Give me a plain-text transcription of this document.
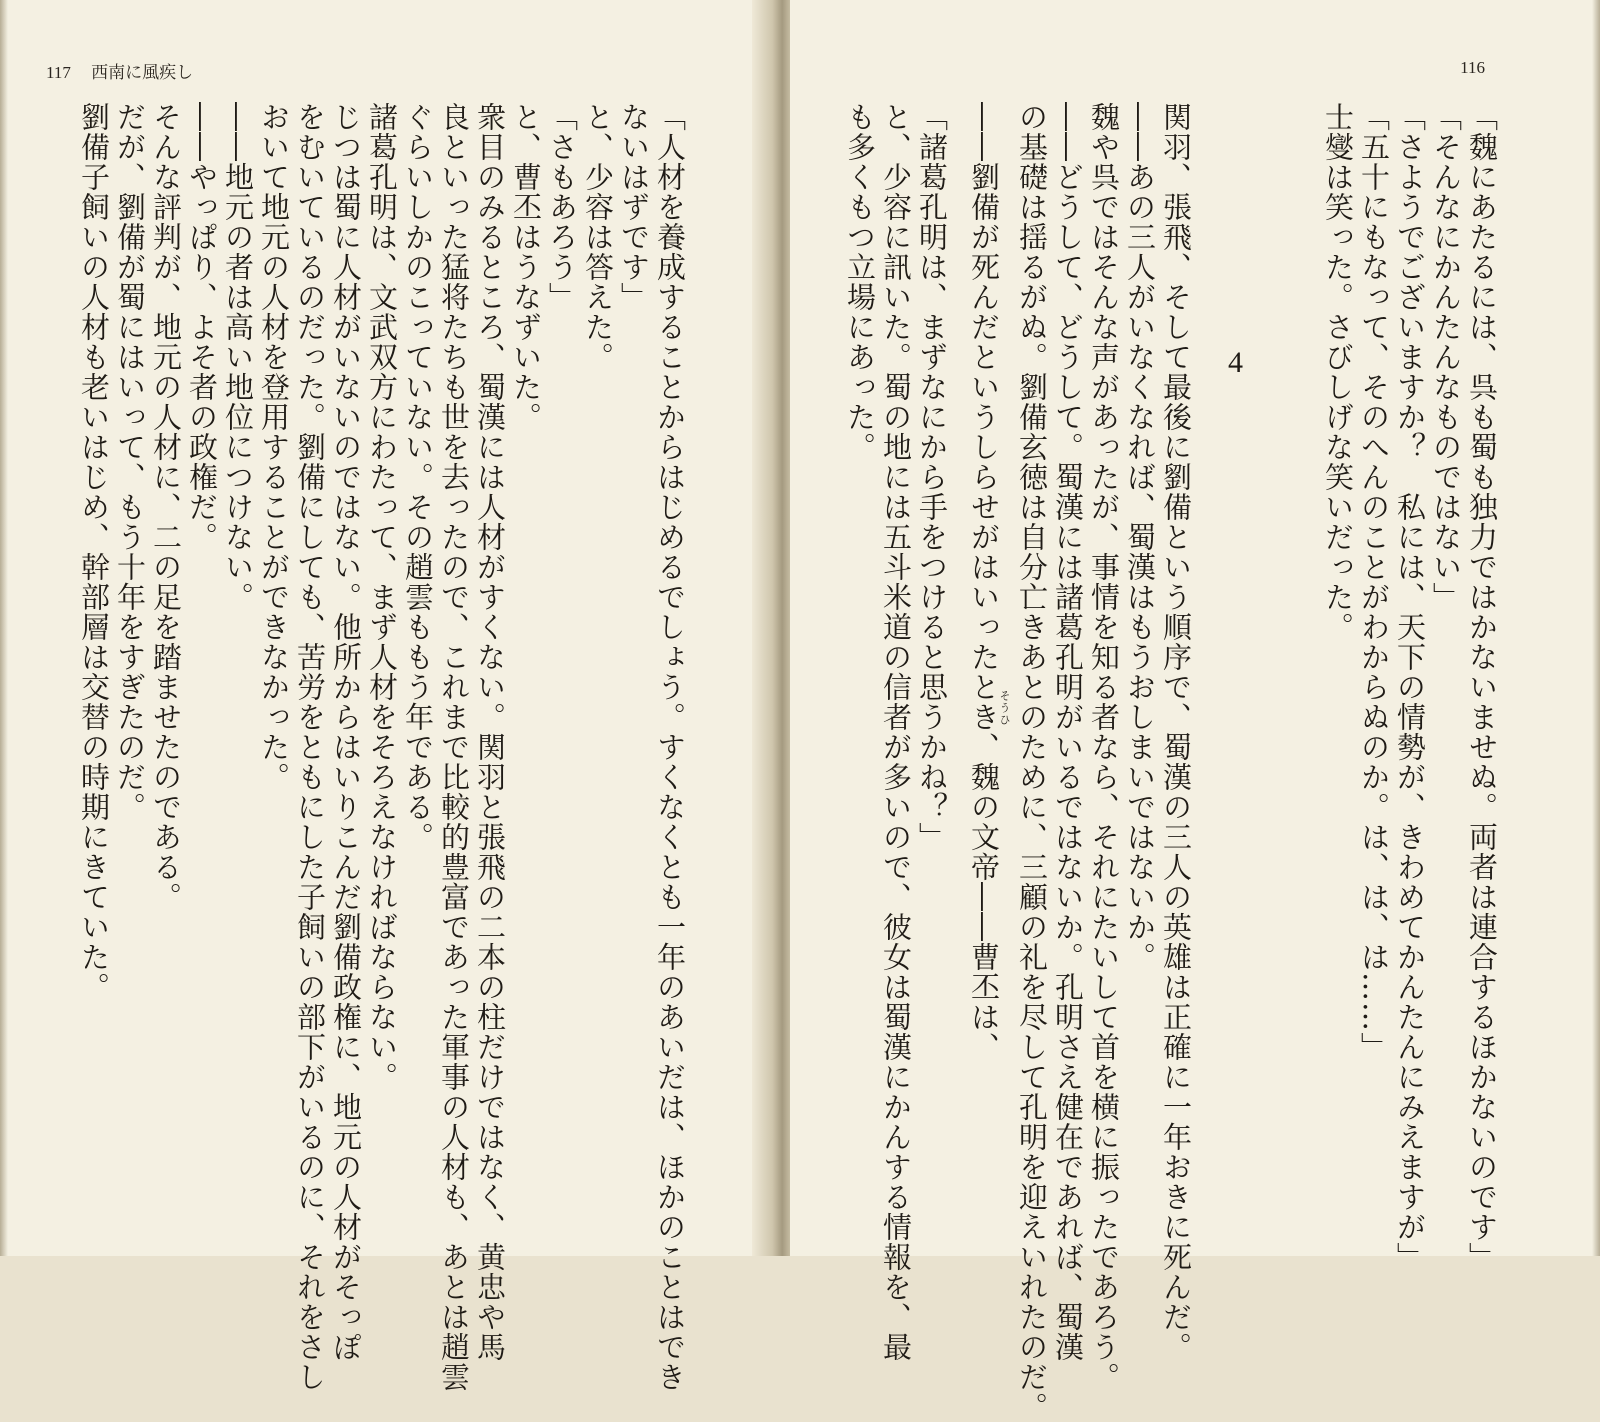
117 西南に風疾し
「人材を養成することからはじめるでしょう。すくなくとも一年のあいだは、ほかのことはでき
ないはずです」
と、少容は答えた。
「さもあろう」
と、曹丕はうなずいた。
衆目のみるところ、蜀漢には人材がすくない。関羽と張飛の二本の柱だけではなく、黄忠や馬
良といった猛将たちも世を去ったので、これまで比較的豊富であった軍事の人材も、あとは趙雲
ぐらいしかのこっていない。その趙雲ももう年である。
諸葛孔明は、文武双方にわたって、まず人材をそろえなければならない。
じつは蜀に人材がいないのではない。他所からはいりこんだ劉備政権に、地元の人材がそっぽ
をむいているのだった。劉備にしても、苦労をともにした子飼いの部下がいるのに、それをさし
おいて地元の人材を登用することができなかった。
――地元の者は高い地位につけない。
――やっぱり、よそ者の政権だ。
そんな評判が、地元の人材に、二の足を踏ませたのである。
だが、劉備が蜀にはいって、もう十年をすぎたのだ。
劉備子飼いの人材も老いはじめ、幹部層は交替の時期にきていた。
116
「魏にあたるには、呉も蜀も独力ではかないませぬ。両者は連合するほかないのです」
「そんなにかんたんなものではない」
「さようでございますか？　私には、天下の情勢が、きわめてかんたんにみえますが」
「五十にもなって、そのへんのことがわからぬのか。は、は、は……」
士燮は笑った。さびしげな笑いだった。
4
関羽、張飛、そして最後に劉備という順序で、蜀漢の三人の英雄は正確に一年おきに死んだ。
――あの三人がいなくなれば、蜀漢はもうおしまいではないか。
魏や呉ではそんな声があったが、事情を知る者なら、それにたいして首を横に振ったであろう。
――どうして、どうして。蜀漢には諸葛孔明がいるではないか。孔明さえ健在であれば、蜀漢
の基礎は揺るがぬ。劉備玄徳は自分亡きあとのために、三顧の礼を尽して孔明を迎えいれたのだ。
――劉備が死んだというしらせがはいったとき、魏の文帝――曹丕は、そうひ
「諸葛孔明は、まずなにから手をつけると思うかね？」
と、少容に訊いた。蜀の地には五斗米道の信者が多いので、彼女は蜀漢にかんする情報を、最
も多くもつ立場にあった。
